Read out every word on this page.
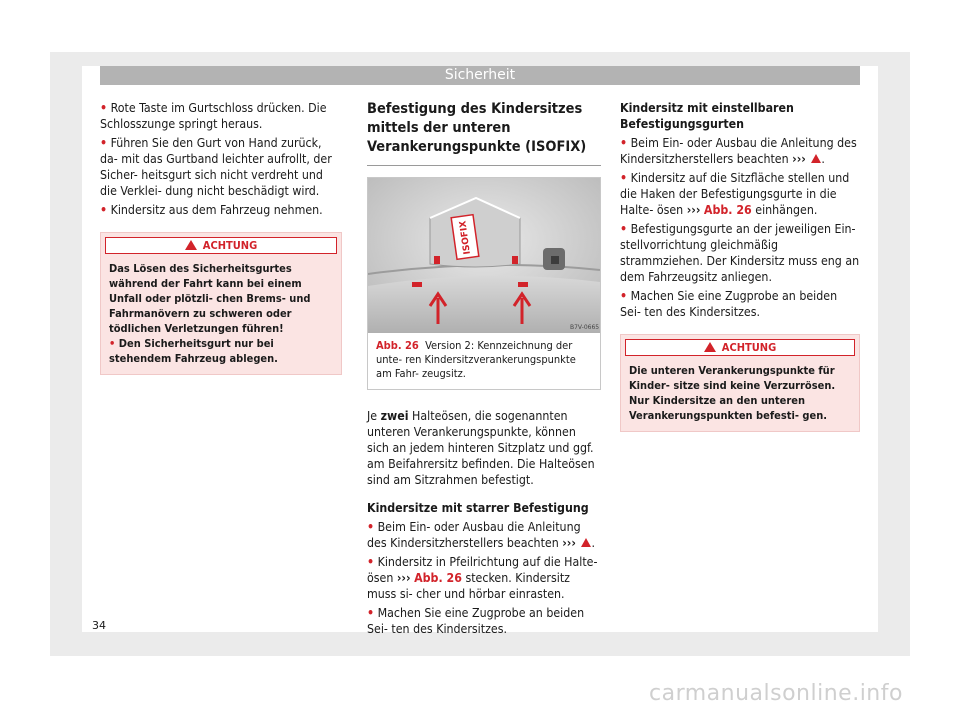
Sicherheit
• Rote Taste im Gurtschloss drücken. Die Schlosszunge springt heraus.
• Führen Sie den Gurt von Hand zurück, da- mit das Gurtband leichter aufrollt, der Sicher- heitsgurt sich nicht verdreht und die Verklei- dung nicht beschädigt wird.
• Kindersitz aus dem Fahrzeug nehmen.
ACHTUNG
Das Lösen des Sicherheitsgurtes während der Fahrt kann bei einem Unfall oder plötzli- chen Brems- und Fahrmanövern zu schweren oder tödlichen Verletzungen führen!
• Den Sicherheitsgurt nur bei stehendem Fahrzeug ablegen.
Befestigung des Kindersitzes mittels der unteren Verankerungspunkte (ISOFIX)
ISOFIX
B7V-0665
Abb. 26 Version 2: Kennzeichnung der unte- ren Kindersitzverankerungspunkte am Fahr- zeugsitz.
Je zwei Halteösen, die sogenannten unteren Verankerungspunkte, können sich an jedem hinteren Sitzplatz und ggf. am Beifahrersitz befinden. Die Halteösen sind am Sitzrahmen befestigt.
Kindersitze mit starrer Befestigung
• Beim Ein- oder Ausbau die Anleitung des Kindersitzherstellers beachten ››› .
• Kindersitz in Pfeilrichtung auf die Halte- ösen ››› Abb. 26 stecken. Kindersitz muss si- cher und hörbar einrasten.
• Machen Sie eine Zugprobe an beiden Sei- ten des Kindersitzes.
Kindersitz mit einstellbaren Befestigungsgurten
• Beim Ein- oder Ausbau die Anleitung des Kindersitzherstellers beachten ››› .
• Kindersitz auf die Sitzfläche stellen und die Haken der Befestigungsgurte in die Halte- ösen ››› Abb. 26 einhängen.
• Befestigungsgurte an der jeweiligen Ein- stellvorrichtung gleichmäßig strammziehen. Der Kindersitz muss eng an dem Fahrzeugsitz anliegen.
• Machen Sie eine Zugprobe an beiden Sei- ten des Kindersitzes.
ACHTUNG
Die unteren Verankerungspunkte für Kinder- sitze sind keine Verzurrösen. Nur Kindersitze an den unteren Verankerungspunkten befesti- gen.
34
carmanualsonline.info
